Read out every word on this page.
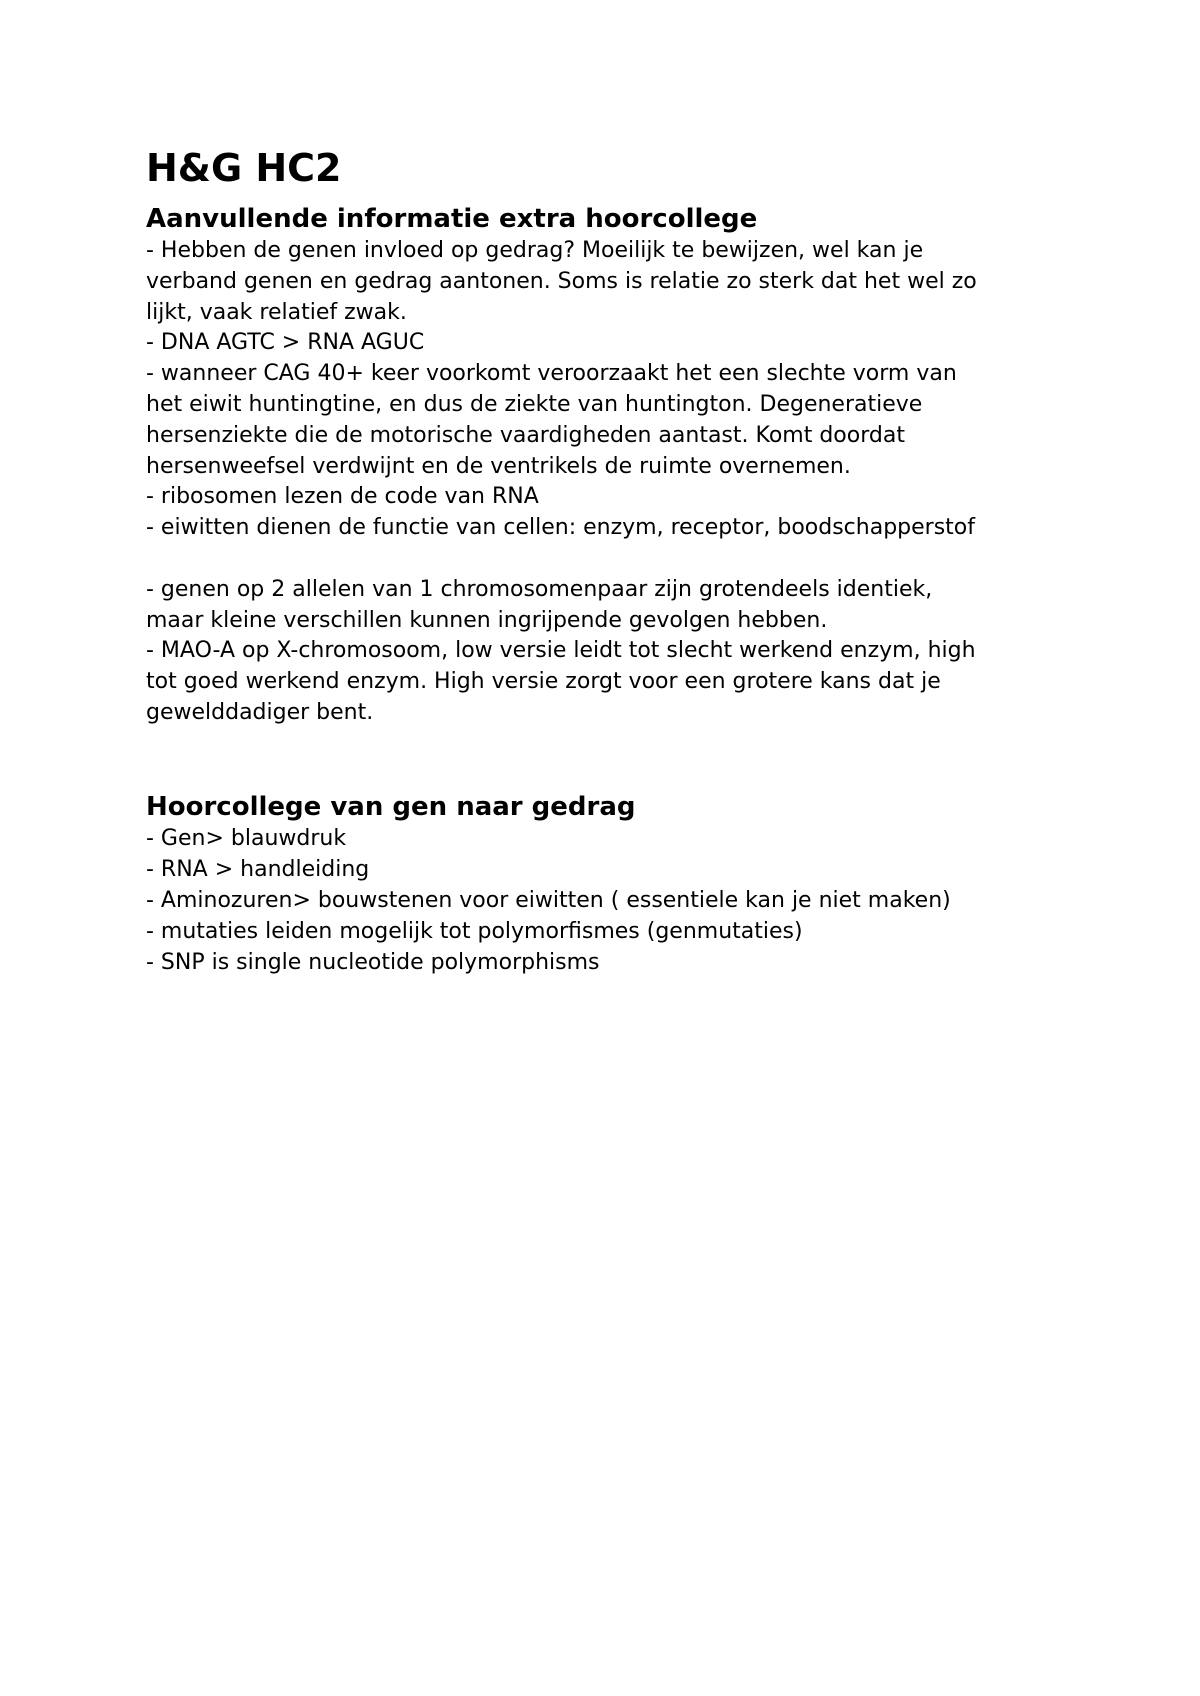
H&G HC2
Aanvullende informatie extra hoorcollege

- Hebben de genen invloed op gedrag? Moeilijk te bewijzen, wel kan je

verband genen en gedrag aantonen. Soms is relatie zo sterk dat het wel zo

lijkt, vaak relatief zwak.

- DNA AGTC > RNA AGUC

- wanneer CAG 40+ keer voorkomt veroorzaakt het een slechte vorm van

het eiwit huntingtine, en dus de ziekte van huntington. Degeneratieve

hersenziekte die de motorische vaardigheden aantast. Komt doordat

hersenweefsel verdwijnt en de ventrikels de ruimte overnemen.

- ribosomen lezen de code van RNA

- eiwitten dienen de functie van cellen: enzym, receptor, boodschapperstof

- genen op 2 allelen van 1 chromosomenpaar zijn grotendeels identiek,

maar kleine verschillen kunnen ingrijpende gevolgen hebben.

- MAO-A op X-chromosoom, low versie leidt tot slecht werkend enzym, high

tot goed werkend enzym. High versie zorgt voor een grotere kans dat je

gewelddadiger bent.

Hoorcollege van gen naar gedrag

- Gen> blauwdruk

- RNA > handleiding

- Aminozuren> bouwstenen voor eiwitten ( essentiele kan je niet maken)

- mutaties leiden mogelijk tot polymorfismes (genmutaties)

- SNP is single nucleotide polymorphisms
